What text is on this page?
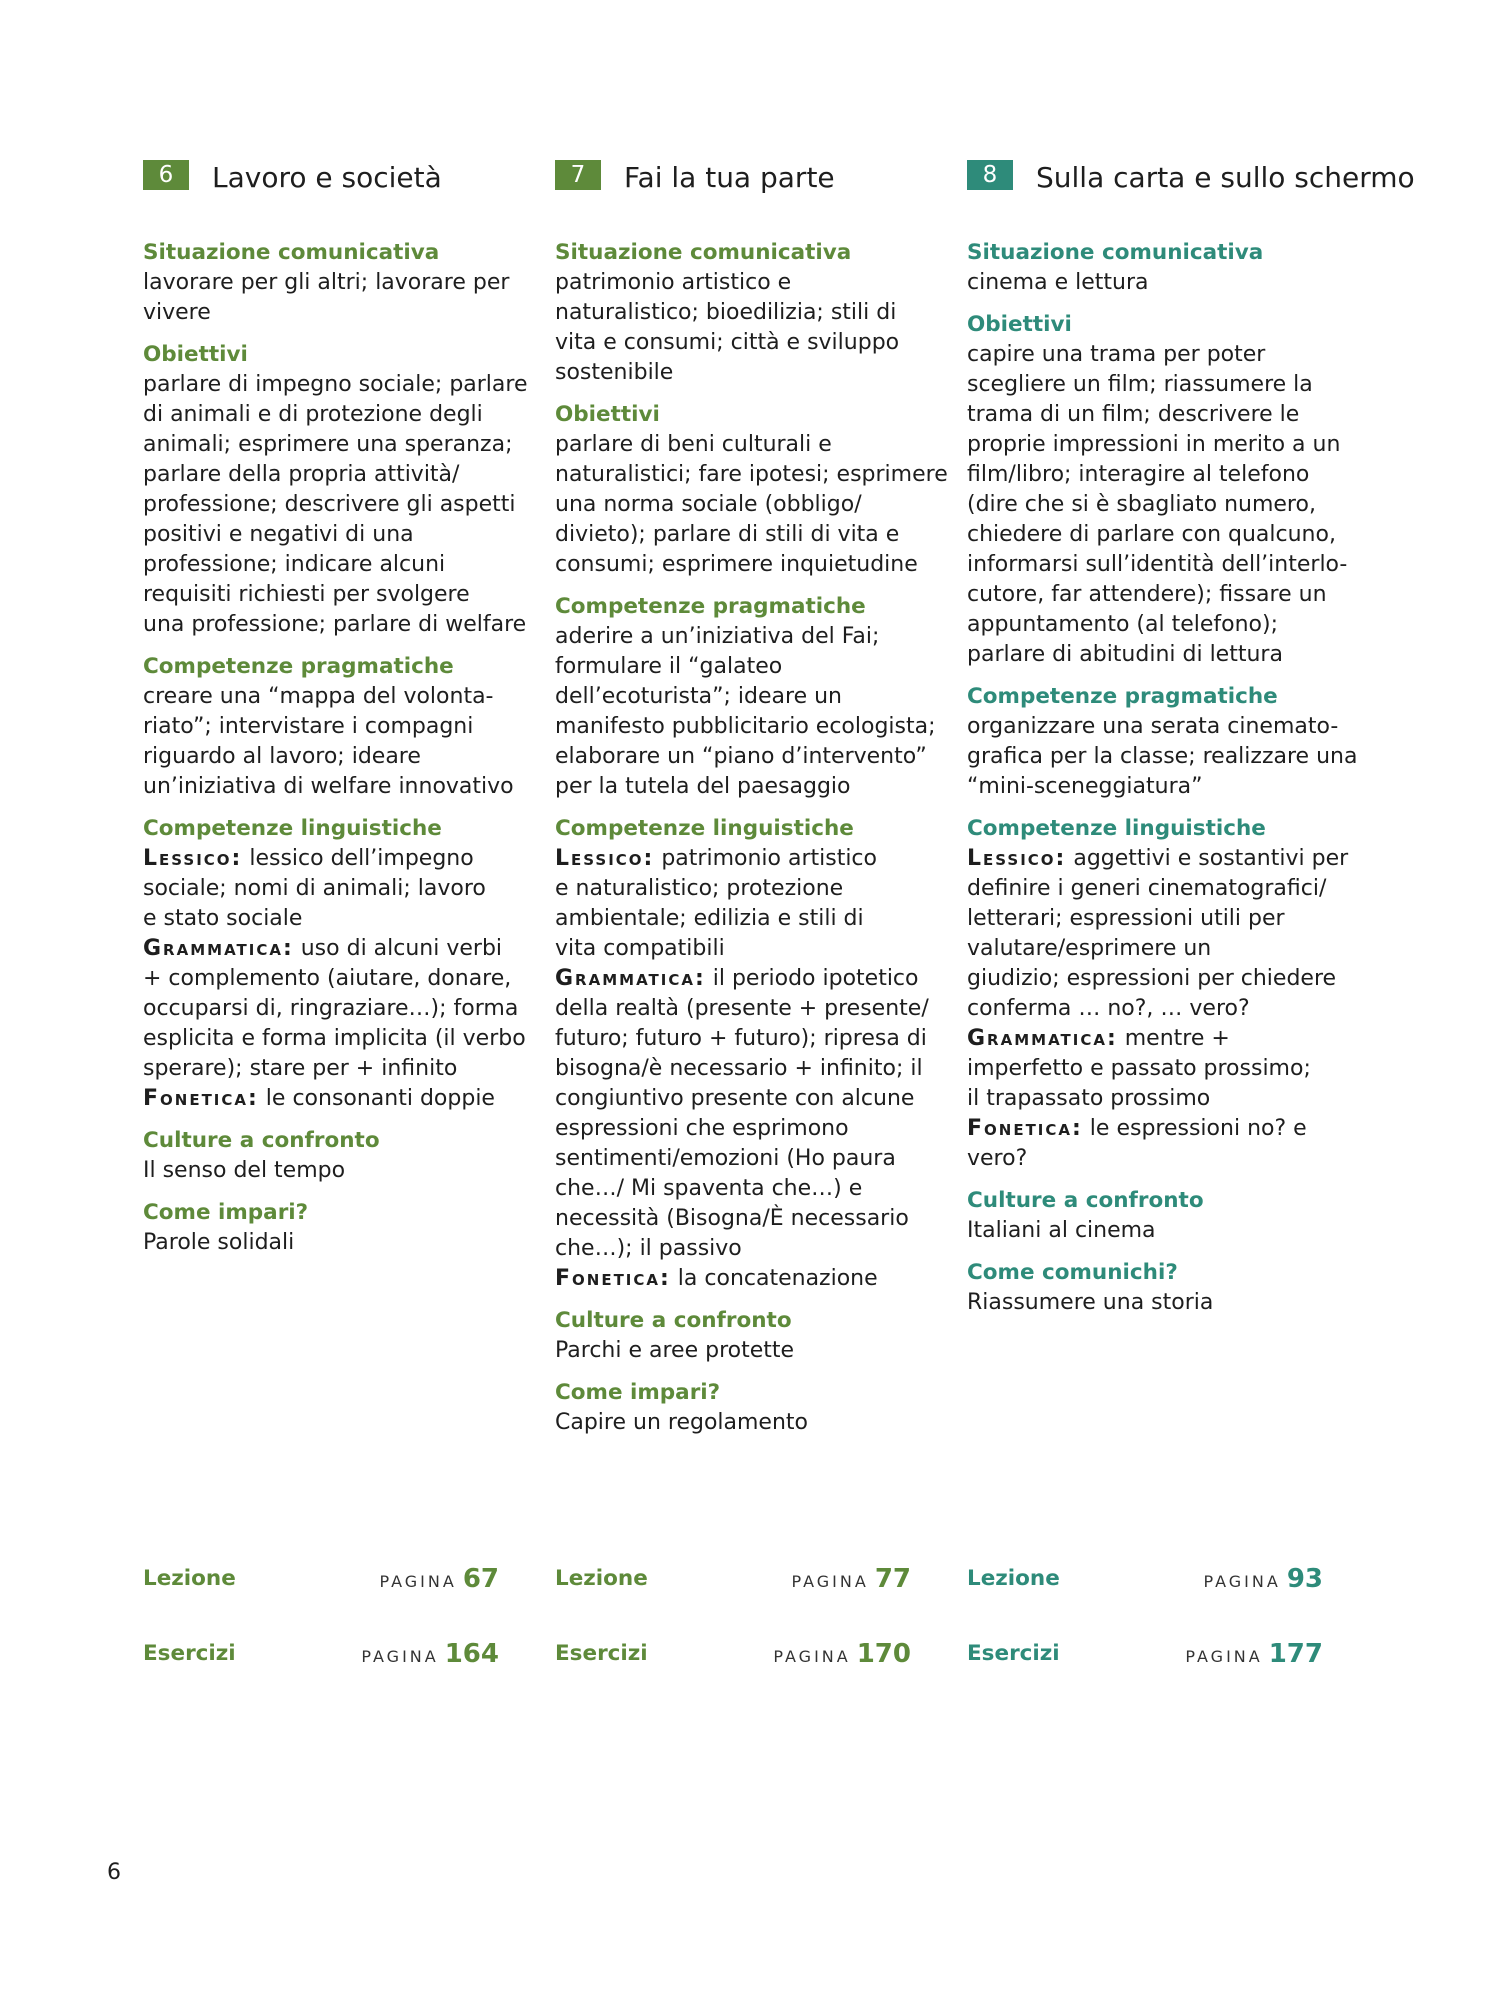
6	Lavoro e società
Situazione comunicativa
lavorare per gli altri; lavorare per
vivere
Obiettivi
parlare di impegno sociale; parlare
di animali e di protezione degli
animali; esprimere una speranza;
parlare della propria attività/
professione; descrivere gli aspetti
positivi e negativi di una
professione; indicare alcuni
requisiti richiesti per svolgere
una professione; parlare di welfare
Competenze pragmatiche
creare una “mappa del volonta-
riato”; intervistare i compagni
riguardo al lavoro; ideare
un’iniziativa di welfare innovativo
Competenze linguistiche
Lessico: lessico dell’impegno
sociale; nomi di animali; lavoro
e stato sociale
Grammatica: uso di alcuni verbi
+ complemento (aiutare, donare,
occuparsi di, ringraziare…); forma
esplicita e forma implicita (il verbo
sperare); stare per + infinito
Fonetica: le consonanti doppie
Culture a confronto
Il senso del tempo
Come impari?
Parole solidali
Lezione	PAGINA 67
Esercizi	PAGINA 164
7	Fai la tua parte
Situazione comunicativa
patrimonio artistico e
naturalistico; bioedilizia; stili di
vita e consumi; città e sviluppo
sostenibile
Obiettivi
parlare di beni culturali e
naturalistici; fare ipotesi; esprimere
una norma sociale (obbligo/
divieto); parlare di stili di vita e
consumi; esprimere inquietudine
Competenze pragmatiche
aderire a un’iniziativa del Fai;
formulare il “galateo
dell’ecoturista”; ideare un
manifesto pubblicitario ecologista;
elaborare un “piano d’intervento”
per la tutela del paesaggio
Competenze linguistiche
Lessico: patrimonio artistico
e naturalistico; protezione
ambientale; edilizia e stili di
vita compatibili
Grammatica: il periodo ipotetico
della realtà (presente + presente/
futuro; futuro + futuro); ripresa di
bisogna/è necessario + infinito; il
congiuntivo presente con alcune
espressioni che esprimono
sentimenti/emozioni (Ho paura
che…/ Mi spaventa che…) e
necessità (Bisogna/È necessario
che…); il passivo
Fonetica: la concatenazione
Culture a confronto
Parchi e aree protette
Come impari?
Capire un regolamento
Lezione	PAGINA 77
Esercizi	PAGINA 170
8	Sulla carta e sullo schermo
Situazione comunicativa
cinema e lettura
Obiettivi
capire una trama per poter
scegliere un film; riassumere la
trama di un film; descrivere le
proprie impressioni in merito a un
film/libro; interagire al telefono
(dire che si è sbagliato numero,
chiedere di parlare con qualcuno,
informarsi sull’identità dell’interlo-
cutore, far attendere); fissare un
appuntamento (al telefono);
parlare di abitudini di lettura
Competenze pragmatiche
organizzare una serata cinemato-
grafica per la classe; realizzare una
“mini-sceneggiatura”
Competenze linguistiche
Lessico: aggettivi e sostantivi per
definire i generi cinematografici/
letterari; espressioni utili per
valutare/esprimere un
giudizio; espressioni per chiedere
conferma … no?, … vero?
Grammatica: mentre +
imperfetto e passato prossimo;
il trapassato prossimo
Fonetica: le espressioni no? e
vero?
Culture a confronto
Italiani al cinema
Come comunichi?
Riassumere una storia
Lezione	PAGINA 93
Esercizi	PAGINA 177
6
